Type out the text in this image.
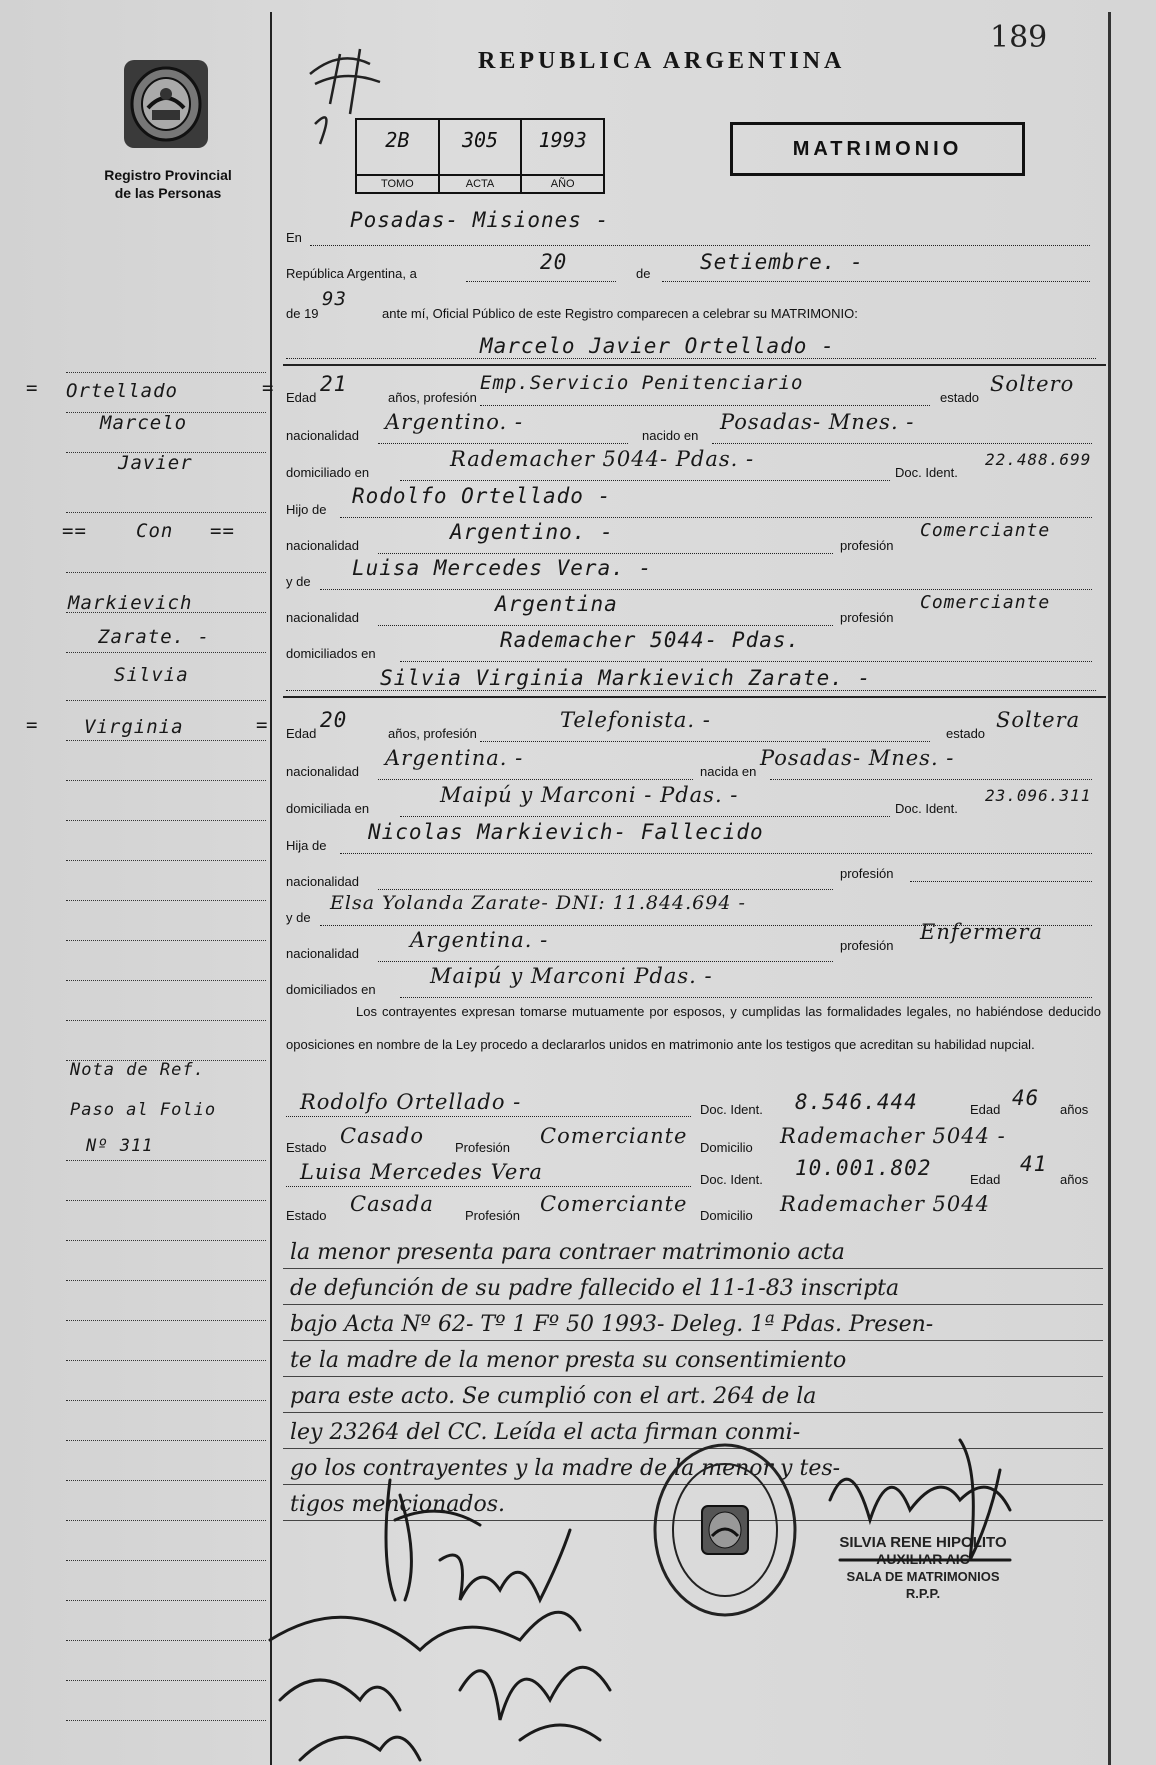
189
Registro Provincial
de las Personas
REPUBLICA ARGENTINA
2B
TOMO
305
ACTA
1993
AÑO
MATRIMONIO
En
Posadas- Misiones -
República Argentina, a	20	de Setiembre. -
de 19
93
ante mí, Oficial Público de este Registro comparecen a celebrar su MATRIMONIO:
Marcelo Javier Ortellado -
Edad
21
años, profesión
Emp.Servicio Penitenciario
estado
Soltero
nacionalidad
Argentino. -
nacido en
Posadas- Mnes. -
domiciliado en
Rademacher 5044- Pdas. -
Doc. Ident.
22.488.699
Hijo de
Rodolfo Ortellado -
nacionalidad
Argentino. -
profesión
Comerciante
y de
Luisa Mercedes Vera. -
nacionalidad
Argentina
profesión
Comerciante
domiciliados en
Rademacher 5044- Pdas.
Silvia Virginia Markievich Zarate. -
Edad
20
años, profesión
Telefonista. -
estado
Soltera
nacionalidad
Argentina. -
nacida en
Posadas- Mnes. -
domiciliada en
Maipú y Marconi - Pdas. -
Doc. Ident.
23.096.311
Hija de
Nicolas Markievich- Fallecido
nacionalidad
profesión
y de
Elsa Yolanda Zarate- DNI: 11.844.694 -
nacionalidad
Argentina. -	profesión
Enfermera
domiciliados en
Maipú y Marconi Pdas. -
Los contrayentes expresan tomarse mutuamente por esposos, y cumplidas las formalidades legales, no habiéndose deducido oposiciones en nombre de la Ley procedo a declararlos unidos en matrimonio ante los testigos que acreditan su habilidad nupcial.
Rodolfo Ortellado -	Doc. Ident. 8.546.444	Edad 46 años
Estado Casado Profesión Comerciante Domicilio Rademacher 5044 -
Luisa Mercedes Vera	Doc. Ident. 10.001.802	Edad
41
años
Estado Casada Profesión Comerciante Domicilio Rademacher 5044
la menor presenta para contraer matrimonio acta
de defunción de su padre fallecido el 11-1-83 inscripta
bajo Acta Nº 62- Tº 1 Fº 50 1993- Deleg. 1ª Pdas. Presen-
te la madre de la menor presta su consentimiento
para este acto. Se cumplió con el art. 264 de la
ley 23264 del CC. Leída el acta firman conmi-
go los contrayentes y la madre de la menor y tes-
tigos mencionados.
= Ortellado	=
Marcelo
Javier
==	Con ==
Markievich
Zarate. -
Silvia
= Virginia	=
Nota de Ref.
Paso al Folio
Nº 311
SILVIA RENE HIPOLITO
AUXILIAR AIC
SALA DE MATRIMONIOS
R.P.P.
